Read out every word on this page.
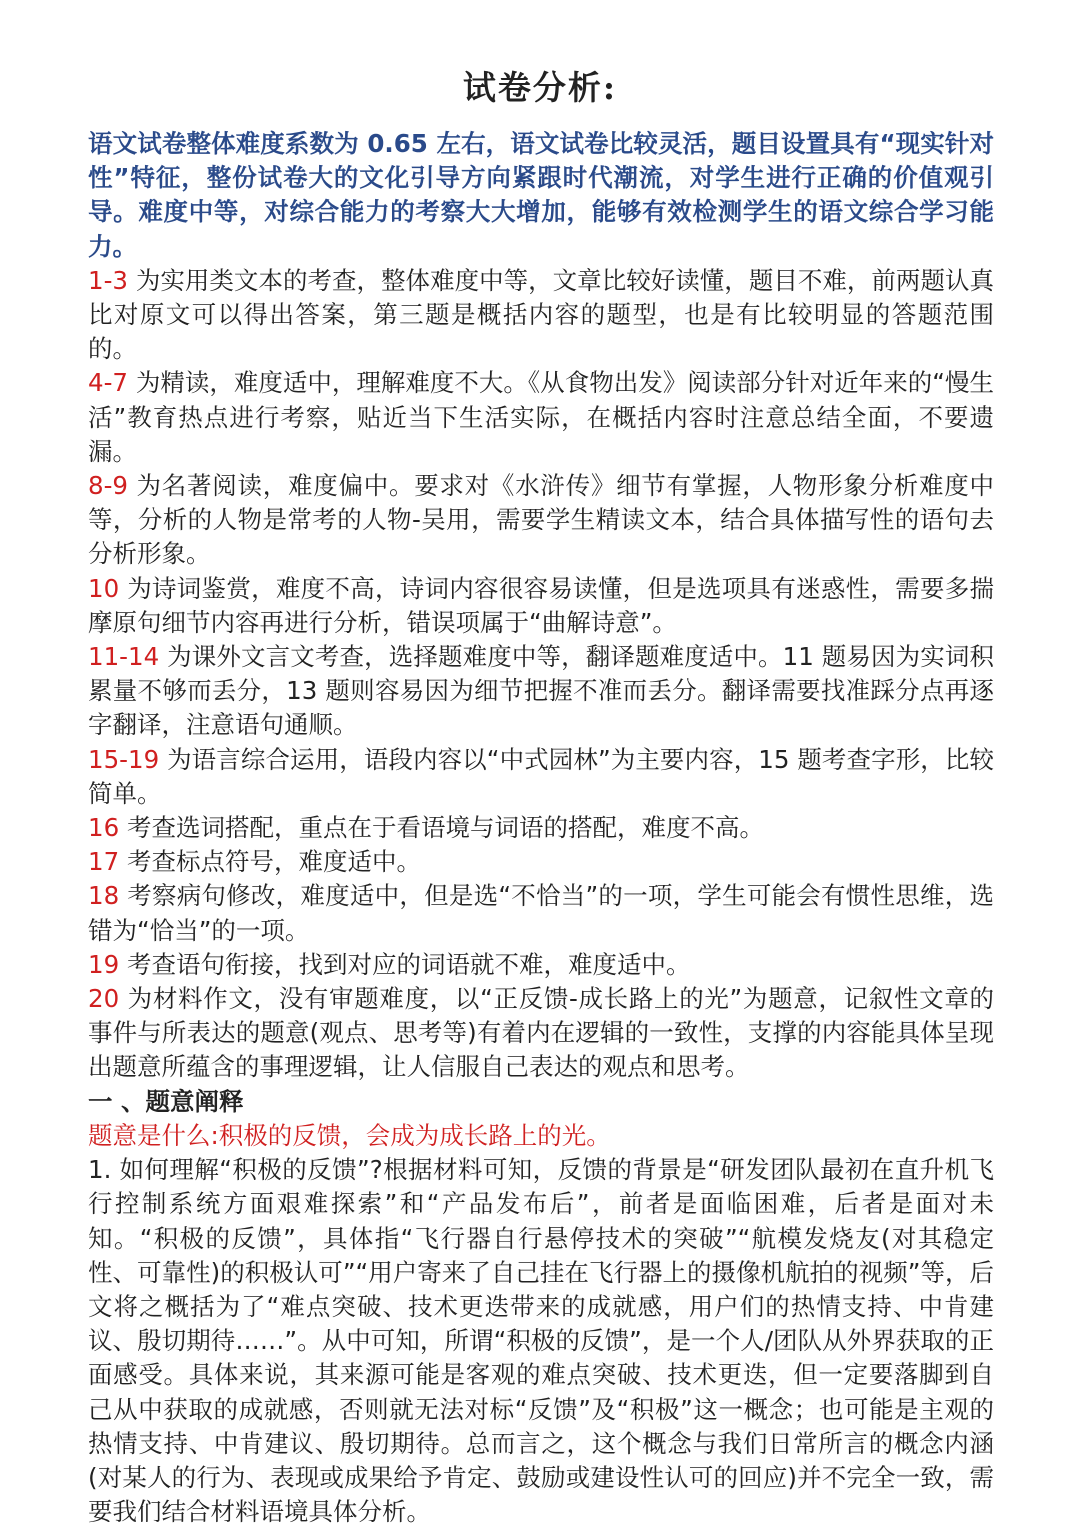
试卷分析:

语文试卷整体难度系数为 0.65 左右，语文试卷比较灵活，题目设置具有“现实针对性”特征，整份试卷大的文化引导方向紧跟时代潮流，对学生进行正确的价值观引导。难度中等，对综合能力的考察大大增加，能够有效检测学生的语文综合学习能力。

1-3 为实用类文本的考查，整体难度中等，文章比较好读懂，题目不难，前两题认真比对原文可以得出答案，第三题是概括内容的题型，也是有比较明显的答题范围的。

4-7 为精读，难度适中，理解难度不大。《从食物出发》阅读部分针对近年来的“慢生活”教育热点进行考察，贴近当下生活实际，在概括内容时注意总结全面，不要遗漏。

8-9 为名著阅读，难度偏中。要求对《水浒传》细节有掌握，人物形象分析难度中等，分析的人物是常考的人物-吴用，需要学生精读文本，结合具体描写性的语句去分析形象。

10 为诗词鉴赏，难度不高，诗词内容很容易读懂，但是选项具有迷惑性，需要多揣摩原句细节内容再进行分析，错误项属于“曲解诗意”。

11-14 为课外文言文考查，选择题难度中等，翻译题难度适中。11 题易因为实词积累量不够而丢分，13 题则容易因为细节把握不准而丢分。翻译需要找准踩分点再逐字翻译，注意语句通顺。

15-19 为语言综合运用，语段内容以“中式园林”为主要内容，15 题考查字形，比较简单。

16 考查选词搭配，重点在于看语境与词语的搭配，难度不高。

17 考查标点符号，难度适中。

18 考察病句修改，难度适中，但是选“不恰当”的一项，学生可能会有惯性思维，选错为“恰当”的一项。

19 考查语句衔接，找到对应的词语就不难，难度适中。

20 为材料作文，没有审题难度，以“正反馈-成长路上的光”为题意，记叙性文章的事件与所表达的题意(观点、思考等)有着内在逻辑的一致性，支撑的内容能具体呈现出题意所蕴含的事理逻辑，让人信服自己表达的观点和思考。

一 、题意阐释

题意是什么:积极的反馈，会成为成长路上的光。

1. 如何理解“积极的反馈”?根据材料可知，反馈的背景是“研发团队最初在直升机飞行控制系统方面艰难探索”和“产品发布后”，前者是面临困难，后者是面对未知。“积极的反馈”，具体指“飞行器自行悬停技术的突破”“航模发烧友(对其稳定性、可靠性)的积极认可”“用户寄来了自己挂在飞行器上的摄像机航拍的视频”等，后文将之概括为了“难点突破、技术更迭带来的成就感，用户们的热情支持、中肯建议、殷切期待……”。从中可知，所谓“积极的反馈”，是一个人/团队从外界获取的正面感受。具体来说，其来源可能是客观的难点突破、技术更迭，但一定要落脚到自己从中获取的成就感，否则就无法对标“反馈”及“积极”这一概念；也可能是主观的热情支持、中肯建议、殷切期待。总而言之，这个概念与我们日常所言的概念内涵(对某人的行为、表现或成果给予肯定、鼓励或建设性认可的回应)并不完全一致，需要我们结合材料语境具体分析。
